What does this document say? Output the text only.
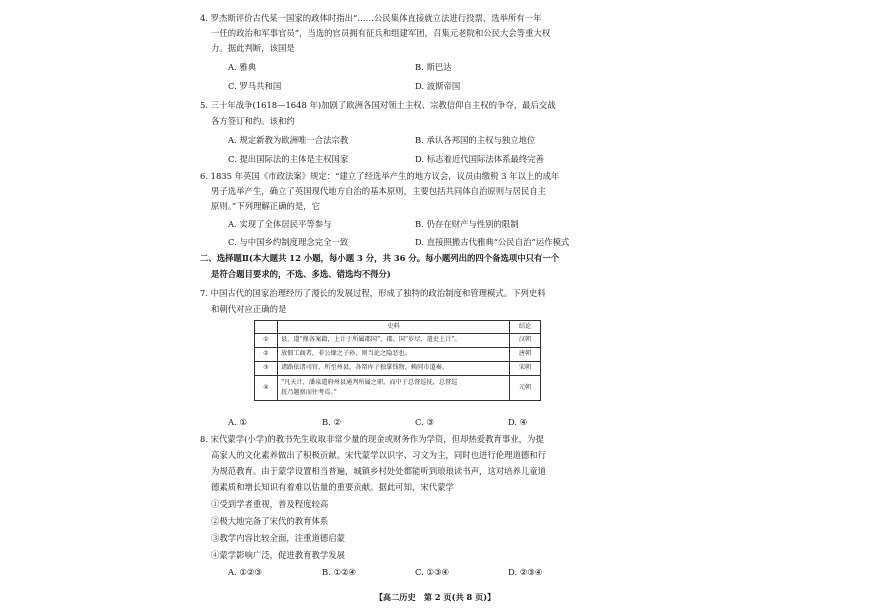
4. 罗杰斯评价古代某一国家的政体时指出“……公民集体直接就立法进行投票，选举所有一年
一任的政治和军事官员”，当选的官员拥有征兵和组建军团，召集元老院和公民大会等重大权
力。据此判断，该国是
A. 雅典	B. 斯巴达
C. 罗马共和国	D. 波斯帝国
5. 三十年战争(1618—1648 年)加剧了欧洲各国对领土主权、宗教信仰自主权的争夺，最后交战
各方签订和约。该和约
A. 规定新教为欧洲唯一合法宗教	B. 承认各邦国的主权与独立地位
C. 提出国际法的主体是主权国家	D. 标志着近代国际法体系最终完善
6. 1835 年英国《市政法案》规定：“建立了经选举产生的地方议会，议员由缴税 3 年以上的成年
男子选举产生，确立了英国现代地方自治的基本原则，主要包括共同体自治原则与居民自主
原则。”下列理解正确的是，它
A. 实现了全体居民平等参与	B. 仍存在财产与性别的限制
C. 与中国乡约制度理念完全一致	D. 直接照搬古代雅典“公民自治”运作模式
二、选择题Ⅱ(本大题共 12 小题，每小题 3 分，共 36 分。每小题列出的四个备选项中只有一个
是符合题目要求的，不选、多选、错选均不得分)
7. 中国古代的国家治理经历了漫长的发展过程，形成了独特的政治制度和管理模式。下列史料
和朝代对应正确的是
	史料	结论
①	县，道“掾各案籍，上计于所属郡国”，郡、国“岁尽，遣吏上计”。	汉朝
②	放佃工商者，非公缘之子孙，则当论之隐恶也。	唐朝
③	诸路依诸司官，所至州县，各帑库子独掌钱物，赖同市道奏。	宋朝
④	“凡天计，潘泉道府州县通判所属之职，而中于总督巡抚，总督巡
抚乃题察而往考焉。”	元朝
A. ①	B. ②	C. ③	D. ④
8. 宋代蒙学(小学)的教书先生收取非常少量的现金或财务作为学资，但却热爱教育事业，为提
高家人的文化素养做出了积极贡献。宋代蒙学以识字、习文为主，同时也进行伦理道德和行
为规范教育。由于蒙学设置相当普遍，城镇乡村处处都能听到琅琅读书声，这对培养儿童道
德素质和增长知识有着难以估量的重要贡献。据此可知，宋代蒙学
①受到学者重视，普及程度较高
②极大地完备了宋代的教育体系
③教学内容比较全面，注重道德启蒙
④蒙学影响广泛，促进教育教学发展
A. ①②③	B. ①②④	C. ①③④	D. ②③④
【高二历史　第 2 页(共 8 页)】
